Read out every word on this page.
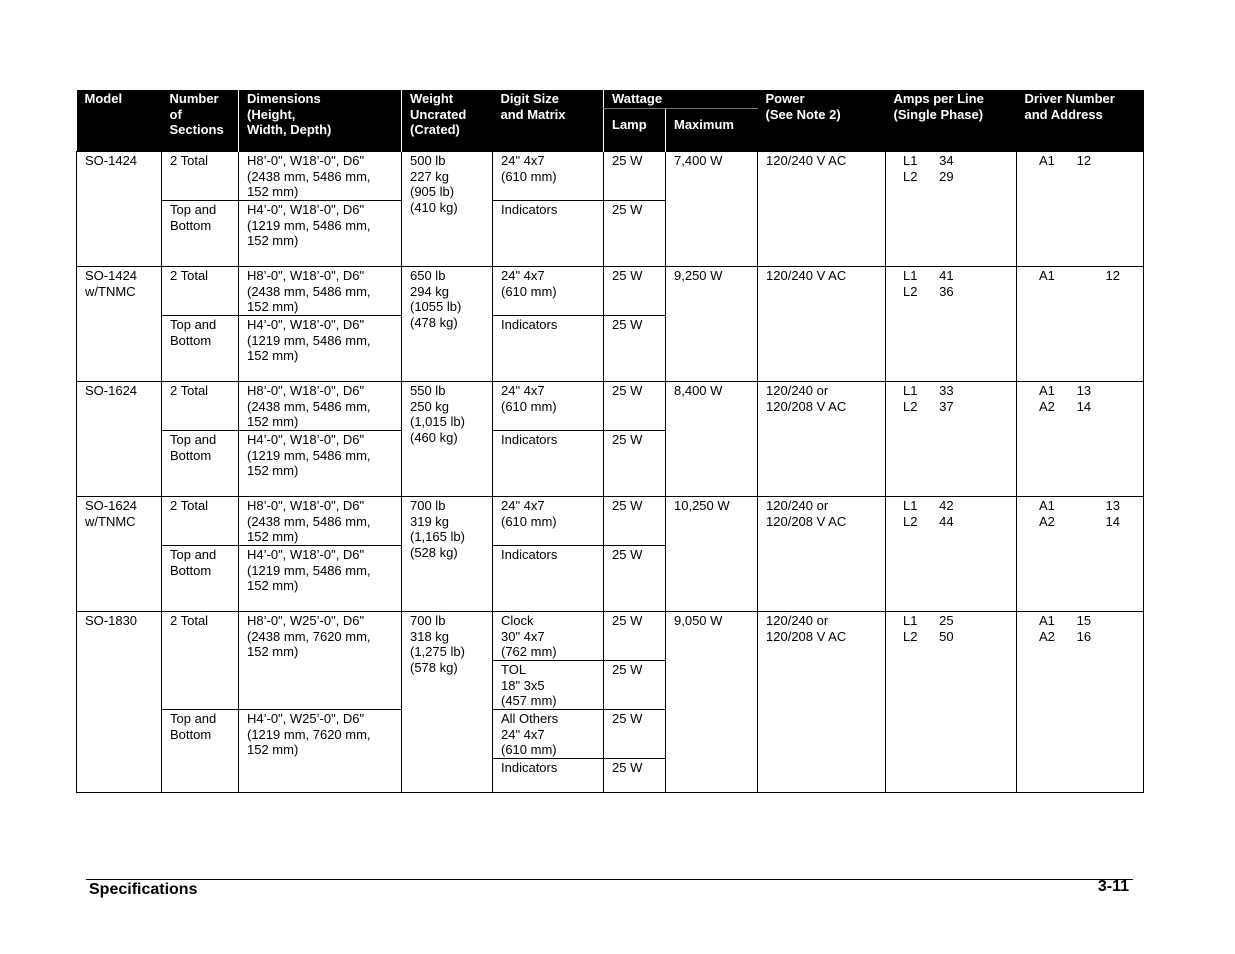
Model	Number
of
Sections	Dimensions
(Height,
Width, Depth)	Weight
Uncrated
(Crated)	Digit Size
and Matrix	Wattage		Power
(See Note 2)	Amps per Line
(Single Phase)	Driver Number
and Address
					Lamp	Maximum			
SO-1424	2 Total	H8’-0", W18’-0", D6"
(2438 mm, 5486 mm,
152 mm)	500 lb
227 kg
(905 lb)
(410 kg)	24" 4x7
(610 mm)	25 W	7,400 W	120/240 V AC	L1      34
L2      29	A1      12
	Top and
Bottom	H4’-0", W18’-0", D6"
(1219 mm, 5486 mm,
152 mm)		Indicators	25 W				
SO-1424
w/TNMC	2 Total	H8’-0", W18’-0", D6"
(2438 mm, 5486 mm,
152 mm)	650 lb
294 kg
(1055 lb)
(478 kg)	24" 4x7
(610 mm)	25 W	9,250 W	120/240 V AC	L1      41
L2      36	A1              12
	Top and
Bottom	H4’-0", W18’-0", D6"
(1219 mm, 5486 mm,
152 mm)		Indicators	25 W				
SO-1624	2 Total	H8’-0", W18’-0", D6"
(2438 mm, 5486 mm,
152 mm)	550 lb
250 kg
(1,015 lb)
(460 kg)	24" 4x7
(610 mm)	25 W	8,400 W	120/240 or
120/208 V AC	L1      33
L2      37	A1      13
A2      14
	Top and
Bottom	H4’-0", W18’-0", D6"
(1219 mm, 5486 mm,
152 mm)		Indicators	25 W				
SO-1624
w/TNMC	2 Total	H8’-0", W18’-0", D6"
(2438 mm, 5486 mm,
152 mm)	700 lb
319 kg
(1,165 lb)
(528 kg)	24" 4x7
(610 mm)	25 W	10,250 W	120/240 or
120/208 V AC	L1      42
L2      44	A1              13
A2              14
	Top and
Bottom	H4’-0", W18’-0", D6"
(1219 mm, 5486 mm,
152 mm)		Indicators	25 W				
SO-1830	2 Total	H8’-0", W25’-0", D6"
(2438 mm, 7620 mm,
152 mm)	700 lb
318 kg
(1,275 lb)
(578 kg)	Clock
30" 4x7
(762 mm)	25 W	9,050 W	120/240 or
120/208 V AC	L1      25
L2      50	A1      15
A2      16
				TOL
18" 3x5
(457 mm)	25 W				
	Top and
Bottom	H4’-0", W25’-0", D6"
(1219 mm, 7620 mm,
152 mm)		All Others
24" 4x7
(610 mm)	25 W				
				Indicators	25 W				
Specifications	3-11
